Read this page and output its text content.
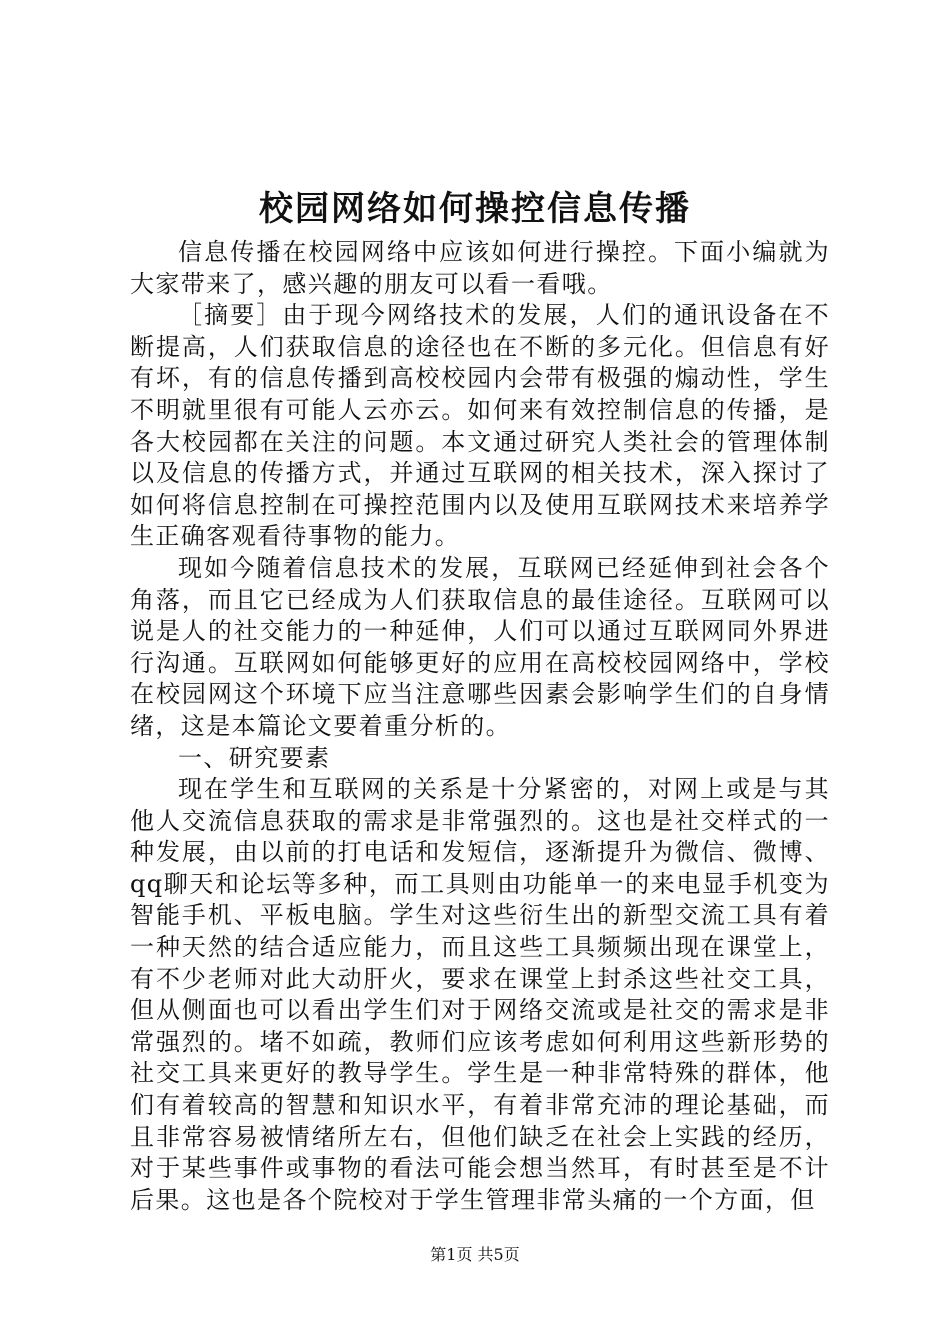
校园网络如何操控信息传播

信息传播在校园网络中应该如何进行操控。下面小编就为大家带来了，感兴趣的朋友可以看一看哦。

［摘要］由于现今网络技术的发展，人们的通讯设备在不断提高，人们获取信息的途径也在不断的多元化。但信息有好有坏，有的信息传播到高校校园内会带有极强的煽动性，学生不明就里很有可能人云亦云。如何来有效控制信息的传播，是各大校园都在关注的问题。本文通过研究人类社会的管理体制以及信息的传播方式，并通过互联网的相关技术，深入探讨了如何将信息控制在可操控范围内以及使用互联网技术来培养学生正确客观看待事物的能力。

现如今随着信息技术的发展，互联网已经延伸到社会各个角落，而且它已经成为人们获取信息的最佳途径。互联网可以说是人的社交能力的一种延伸，人们可以通过互联网同外界进行沟通。互联网如何能够更好的应用在高校校园网络中，学校在校园网这个环境下应当注意哪些因素会影响学生们的自身情绪，这是本篇论文要着重分析的。

一、研究要素

现在学生和互联网的关系是十分紧密的，对网上或是与其他人交流信息获取的需求是非常强烈的。这也是社交样式的一种发展，由以前的打电话和发短信，逐渐提升为微信、微博、qq聊天和论坛等多种，而工具则由功能单一的来电显手机变为智能手机、平板电脑。学生对这些衍生出的新型交流工具有着一种天然的结合适应能力，而且这些工具频频出现在课堂上，有不少老师对此大动肝火，要求在课堂上封杀这些社交工具，但从侧面也可以看出学生们对于网络交流或是社交的需求是非常强烈的。堵不如疏，教师们应该考虑如何利用这些新形势的社交工具来更好的教导学生。学生是一种非常特殊的群体，他们有着较高的智慧和知识水平，有着非常充沛的理论基础，而且非常容易被情绪所左右，但他们缺乏在社会上实践的经历，对于某些事件或事物的看法可能会想当然耳，有时甚至是不计后果。这也是各个院校对于学生管理非常头痛的一个方面，但

第1页 共5页
